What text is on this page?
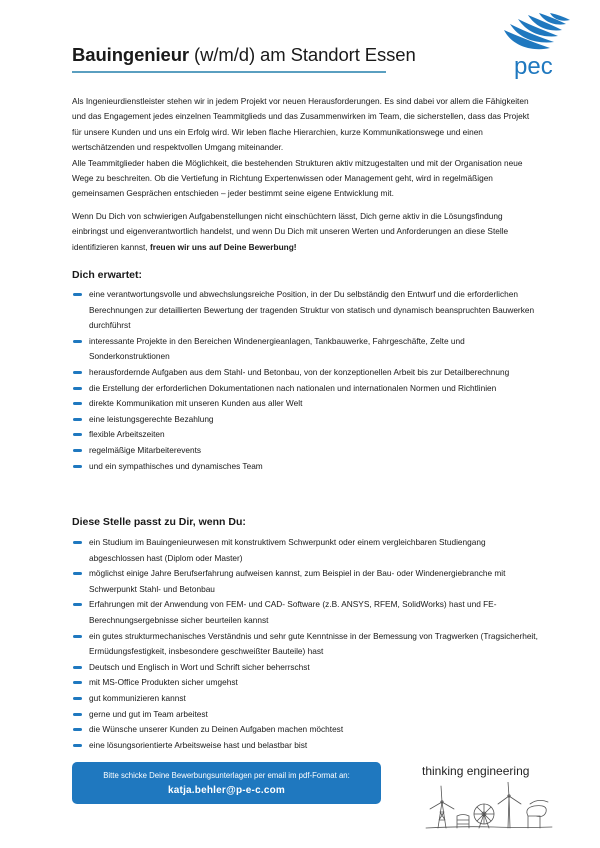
pec
Bauingenieur (w/m/d) am Standort Essen
Als Ingenieurdienstleister stehen wir in jedem Projekt vor neuen Herausforderungen. Es sind dabei vor allem die Fähigkeiten und das Engagement jedes einzelnen Teammitglieds und das Zusammenwirken im Team, die sicherstellen, dass das Projekt für unsere Kunden und uns ein Erfolg wird. Wir leben flache Hierarchien, kurze Kommunikationswege und einen wertschätzenden und respektvollen Umgang miteinander.
Alle Teammitglieder haben die Möglichkeit, die bestehenden Strukturen aktiv mitzugestalten und mit der Organisation neue Wege zu beschreiten. Ob die Vertiefung in Richtung Expertenwissen oder Management geht, wird in regelmäßigen gemeinsamen Gesprächen entschieden – jeder bestimmt seine eigene Entwicklung mit.
Wenn Du Dich von schwierigen Aufgabenstellungen nicht einschüchtern lässt, Dich gerne aktiv in die Lösungsfindung einbringst und eigenverantwortlich handelst, und wenn Du Dich mit unseren Werten und Anforderungen an diese Stelle identifizieren kannst, freuen wir uns auf Deine Bewerbung!
Dich erwartet:
eine verantwortungsvolle und abwechslungsreiche Position, in der Du selbständig den Entwurf und die erforderlichen Berechnungen zur detaillierten Bewertung der tragenden Struktur von statisch und dynamisch beanspruchten Bauwerken durchführst
interessante Projekte in den Bereichen Windenergieanlagen, Tankbauwerke, Fahrgeschäfte, Zelte und Sonderkonstruktionen
herausfordernde Aufgaben aus dem Stahl- und Betonbau, von der konzeptionellen Arbeit bis zur Detailberechnung
die Erstellung der erforderlichen Dokumentationen nach nationalen und internationalen Normen und Richtlinien
direkte Kommunikation mit unseren Kunden aus aller Welt
eine leistungsgerechte Bezahlung
flexible Arbeitszeiten
regelmäßige Mitarbeiterevents
und ein sympathisches und dynamisches Team
Diese Stelle passt zu Dir, wenn Du:
ein Studium im Bauingenieurwesen mit konstruktivem Schwerpunkt oder einem vergleichbaren Studiengang abgeschlossen hast (Diplom oder Master)
möglichst einige Jahre Berufserfahrung aufweisen kannst, zum Beispiel in der Bau- oder Windenergiebranche mit Schwerpunkt Stahl- und Betonbau
Erfahrungen mit der Anwendung von FEM- und CAD- Software (z.B. ANSYS, RFEM, SolidWorks) hast und FE-Berechnungsergebnisse sicher beurteilen kannst
ein gutes strukturmechanisches Verständnis und sehr gute Kenntnisse in der Bemessung von Tragwerken (Tragsicherheit, Ermüdungsfestigkeit, insbesondere geschweißter Bauteile) hast
Deutsch und Englisch in Wort und Schrift sicher beherrschst
mit MS-Office Produkten sicher umgehst
gut kommunizieren kannst
gerne und gut im Team arbeitest
die Wünsche unserer Kunden zu Deinen Aufgaben machen möchtest
eine lösungsorientierte Arbeitsweise hast und belastbar bist
Bitte schicke Deine Bewerbungsunterlagen per email im pdf-Format an:
katja.behler@p-e-c.com
thinking engineering
